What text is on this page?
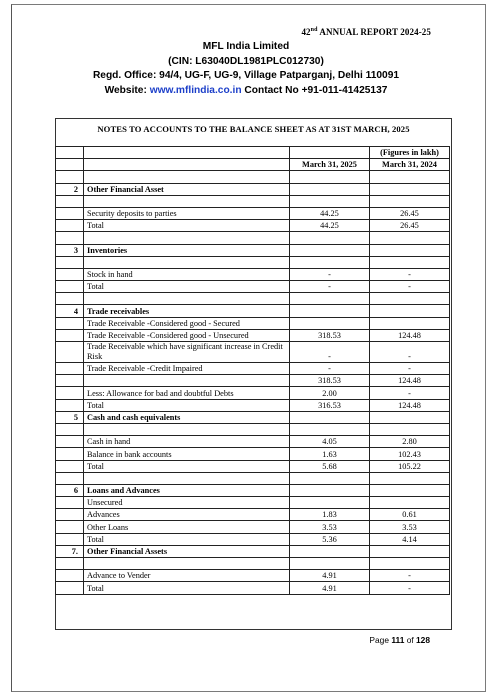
42nd ANNUAL REPORT 2024-25
MFL India Limited
(CIN: L63040DL1981PLC012730)
Regd. Office: 94/4, UG-F, UG-9, Village Patparganj, Delhi 110091
Website: www.mflindia.co.in Contact No +91-011-41425137
NOTES TO ACCOUNTS TO THE BALANCE SHEET AS AT 31ST MARCH, 2025
			(Figures in lakh)
		March 31, 2025	March 31, 2024

2	Other Financial Asset		

	Security deposits to parties	44.25	26.45
	Total	44.25	26.45

3	Inventories		

	Stock in hand	-	-
	Total	-	-

4	Trade receivables		
	Trade Receivable -Considered good - Secured		
	Trade Receivable -Considered good - Unsecured	318.53	124.48
	Trade Receivable which have significant increase in Credit Risk	-	-
	Trade Receivable -Credit Impaired	-	-
		318.53	124.48
	Less: Allowance for bad and doubtful Debts	2.00	-
	Total	316.53	124.48
5	Cash and cash equivalents		

	Cash in hand	4.05	2.80
	Balance in bank accounts	1.63	102.43
	Total	5.68	105.22

6	Loans and Advances		
	Unsecured		
	Advances	1.83	0.61
	Other Loans	3.53	3.53
	Total	5.36	4.14
7.	Other Financial Assets		

	Advance to Vender	4.91	-
	Total	4.91	-
Page 111 of 128
